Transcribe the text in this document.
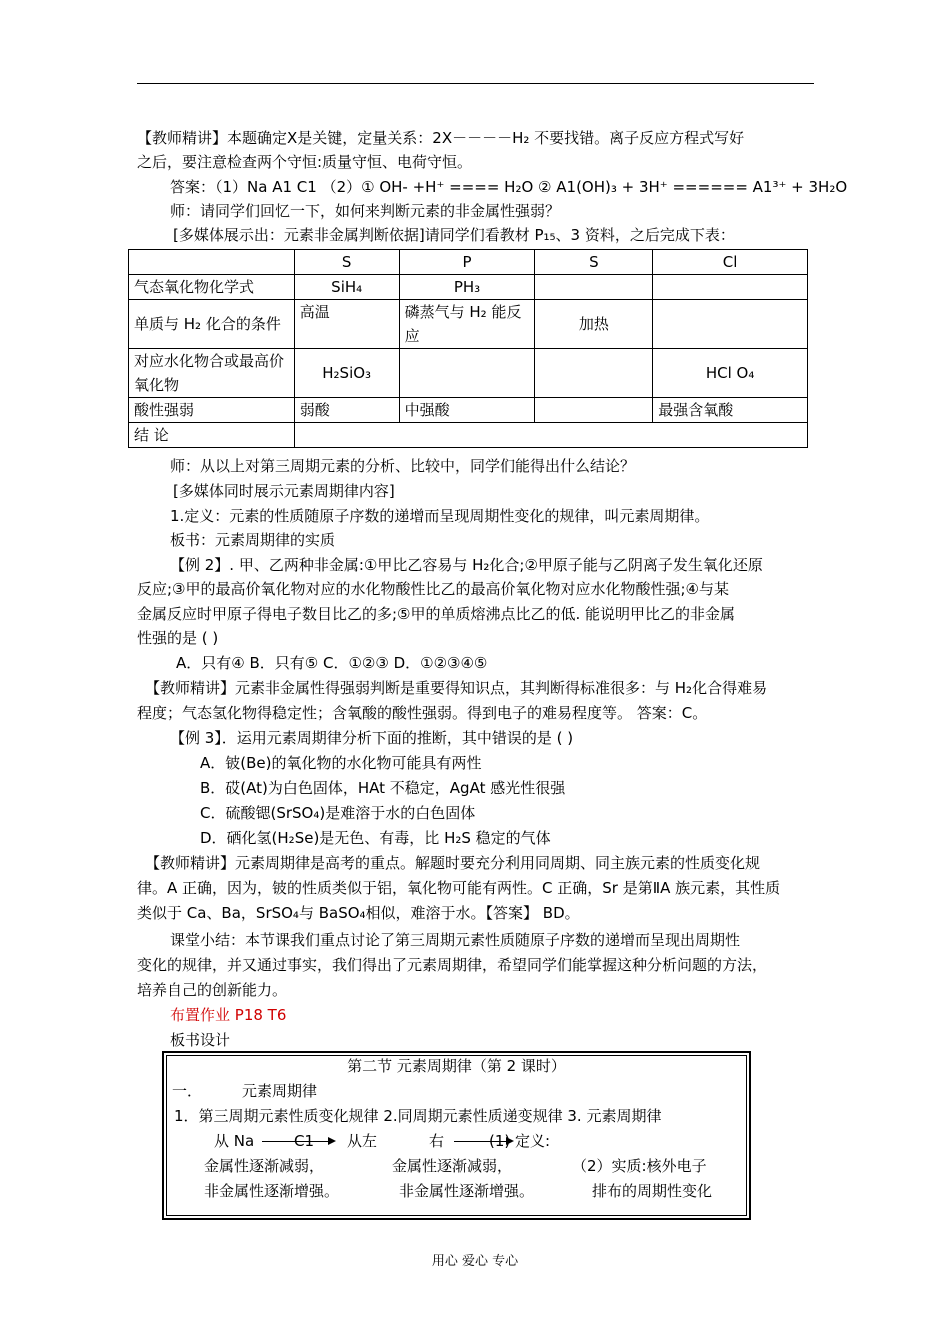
【教师精讲】本题确定X是关键，定量关系：2X－－－－H₂ 不要找错。离子反应方程式写好
之后，要注意检查两个守恒:质量守恒、电荷守恒。
答案：（1）Na A1 C1 （2）① OH- +H⁺ ==== H₂O ② A1(OH)₃ + 3H⁺ ====== A1³⁺ + 3H₂O
师：请同学们回忆一下，如何来判断元素的非金属性强弱？
[多媒体展示出：元素非金属判断依据]请同学们看教材 P₁₅、3 资料，之后完成下表：
	S	P	S	Cl
气态氧化物化学式	SiH₄	PH₃		
单质与 H₂ 化合的条件	高温	磷蒸气与 H₂ 能反应	加热	
对应水化物合或最高价氧化物	H₂SiO₃			HCl O₄
酸性强弱	弱酸	中强酸		最强含氧酸
结 论				
师：从以上对第三周期元素的分析、比较中，同学们能得出什么结论？
[多媒体同时展示元素周期律内容]
1.定义：元素的性质随原子序数的递增而呈现周期性变化的规律，叫元素周期律。
板书：元素周期律的实质
【例 2】. 甲、乙两种非金属:①甲比乙容易与 H₂化合;②甲原子能与乙阴离子发生氧化还原
反应;③甲的最高价氧化物对应的水化物酸性比乙的最高价氧化物对应水化物酸性强;④与某
金属反应时甲原子得电子数目比乙的多;⑤甲的单质熔沸点比乙的低. 能说明甲比乙的非金属
性强的是 ( )
A．只有④ B．只有⑤ C．①②③ D．①②③④⑤
【教师精讲】元素非金属性得强弱判断是重要得知识点，其判断得标准很多：与 H₂化合得难易
程度；气态氢化物得稳定性；含氧酸的酸性强弱。得到电子的难易程度等。 答案：C。
【例 3】．运用元素周期律分析下面的推断，其中错误的是 ( )
A．铍(Be)的氧化物的水化物可能具有两性
B．砹(At)为白色固体，HAt 不稳定，AgAt 感光性很强
C．硫酸锶(SrSO₄)是难溶于水的白色固体
D．硒化氢(H₂Se)是无色、有毒，比 H₂S 稳定的气体
【教师精讲】元素周期律是高考的重点。解题时要充分利用同周期、同主族元素的性质变化规
律。A 正确，因为，铍的性质类似于铝，氧化物可能有两性。C 正确，Sr 是第ⅡA 族元素，其性质
类似于 Ca、Ba，SrSO₄与 BaSO₄相似，难溶于水。【答案】 BD。
课堂小结：本节课我们重点讨论了第三周期元素性质随原子序数的递增而呈现出周期性
变化的规律，并又通过事实，我们得出了元素周期律，希望同学们能掌握这种分析问题的方法，
培养自己的创新能力。
布置作业 P18 T6
板书设计
第二节 元素周期律（第 2 课时）
一．	元素周期律
1．第三周期元素性质变化规律 2.同周期元素性质递变规律 3. 元素周期律
从 Na	C1 从左	右	(1) 定义:
金属性逐渐减弱，	金属性逐渐减弱，	（2）实质:核外电子
非金属性逐渐增强。	非金属性逐渐增强。	排布的周期性变化
用心 爱心 专心
